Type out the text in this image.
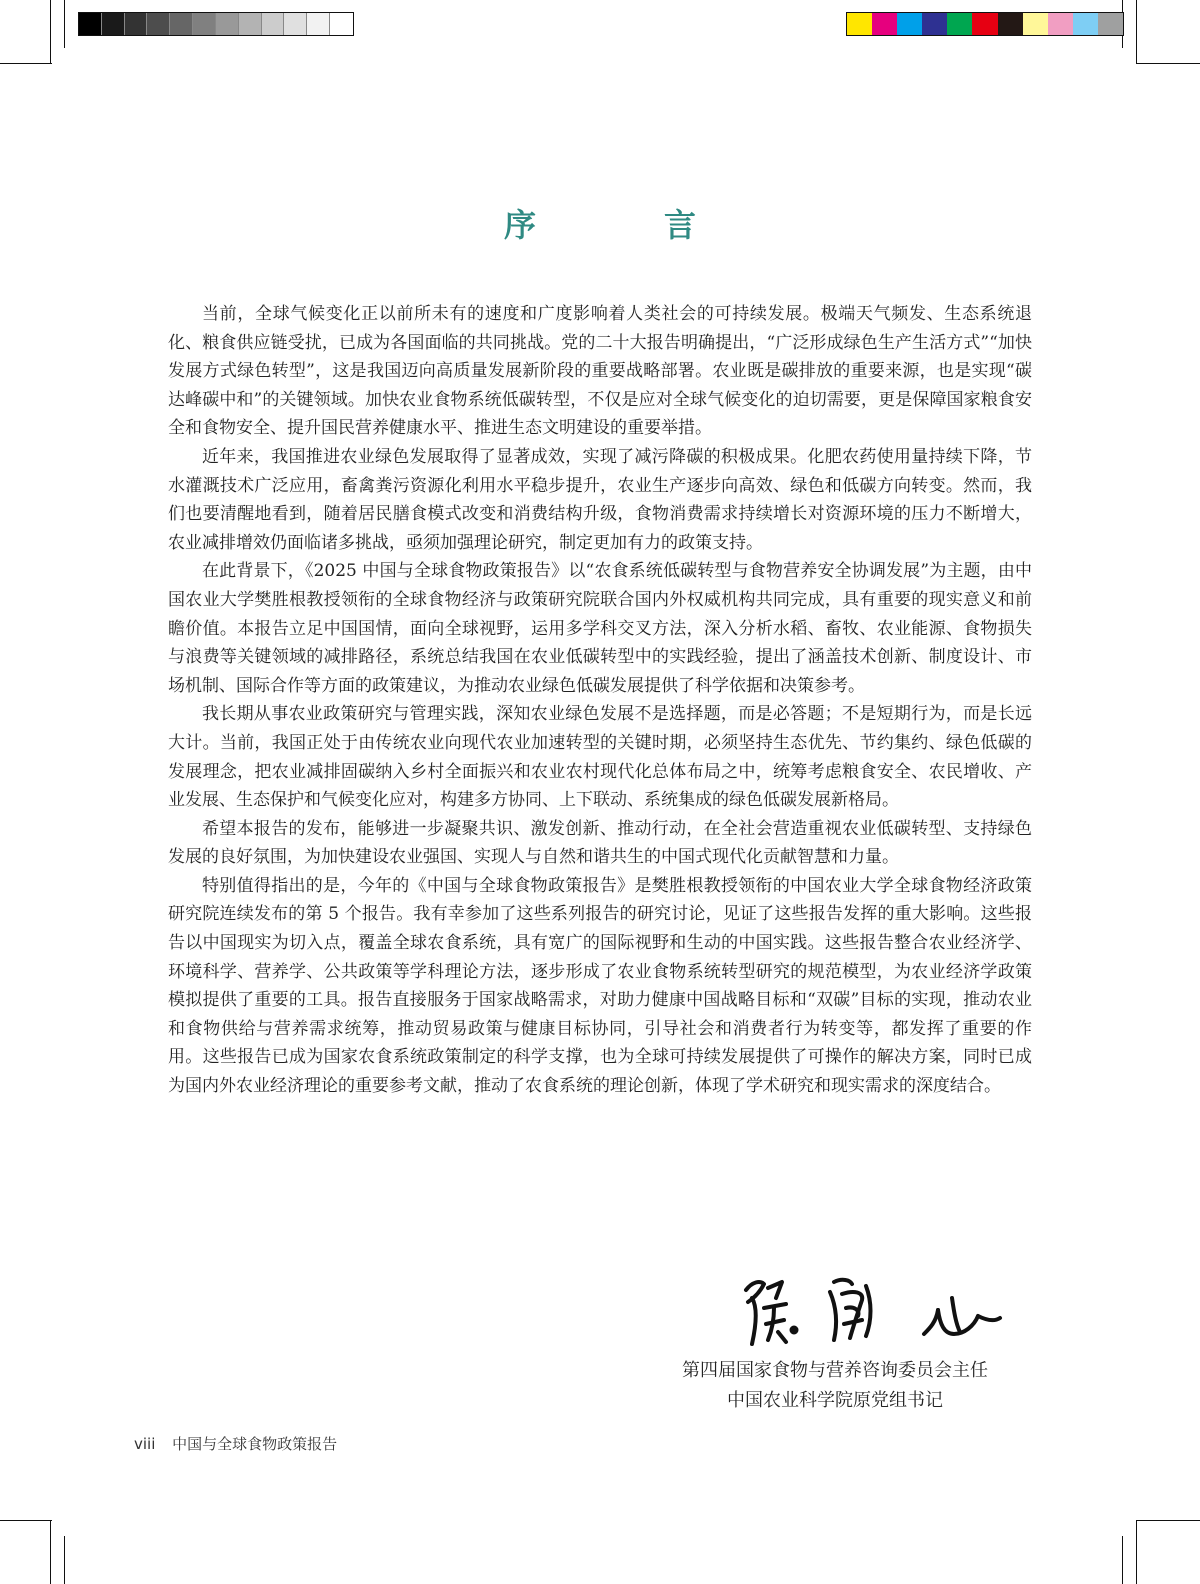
序　言

当前，全球气候变化正以前所未有的速度和广度影响着人类社会的可持续发展。极端天气频发、生态系统退化、粮食供应链受扰，已成为各国面临的共同挑战。党的二十大报告明确提出，“广泛形成绿色生产生活方式”“加快发展方式绿色转型”，这是我国迈向高质量发展新阶段的重要战略部署。农业既是碳排放的重要来源，也是实现“碳达峰碳中和”的关键领域。加快农业食物系统低碳转型，不仅是应对全球气候变化的迫切需要，更是保障国家粮食安全和食物安全、提升国民营养健康水平、推进生态文明建设的重要举措。

近年来，我国推进农业绿色发展取得了显著成效，实现了减污降碳的积极成果。化肥农药使用量持续下降，节水灌溉技术广泛应用，畜禽粪污资源化利用水平稳步提升，农业生产逐步向高效、绿色和低碳方向转变。然而，我们也要清醒地看到，随着居民膳食模式改变和消费结构升级，食物消费需求持续增长对资源环境的压力不断增大，农业减排增效仍面临诸多挑战，亟须加强理论研究，制定更加有力的政策支持。

在此背景下，《2025 中国与全球食物政策报告》以“农食系统低碳转型与食物营养安全协调发展”为主题，由中国农业大学樊胜根教授领衔的全球食物经济与政策研究院联合国内外权威机构共同完成，具有重要的现实意义和前瞻价值。本报告立足中国国情，面向全球视野，运用多学科交叉方法，深入分析水稻、畜牧、农业能源、食物损失与浪费等关键领域的减排路径，系统总结我国在农业低碳转型中的实践经验，提出了涵盖技术创新、制度设计、市场机制、国际合作等方面的政策建议，为推动农业绿色低碳发展提供了科学依据和决策参考。

我长期从事农业政策研究与管理实践，深知农业绿色发展不是选择题，而是必答题；不是短期行为，而是长远大计。当前，我国正处于由传统农业向现代农业加速转型的关键时期，必须坚持生态优先、节约集约、绿色低碳的发展理念，把农业减排固碳纳入乡村全面振兴和农业农村现代化总体布局之中，统筹考虑粮食安全、农民增收、产业发展、生态保护和气候变化应对，构建多方协同、上下联动、系统集成的绿色低碳发展新格局。

希望本报告的发布，能够进一步凝聚共识、激发创新、推动行动，在全社会营造重视农业低碳转型、支持绿色发展的良好氛围，为加快建设农业强国、实现人与自然和谐共生的中国式现代化贡献智慧和力量。

特别值得指出的是，今年的《中国与全球食物政策报告》是樊胜根教授领衔的中国农业大学全球食物经济政策研究院连续发布的第 5 个报告。我有幸参加了这些系列报告的研究讨论，见证了这些报告发挥的重大影响。这些报告以中国现实为切入点，覆盖全球农食系统，具有宽广的国际视野和生动的中国实践。这些报告整合农业经济学、环境科学、营养学、公共政策等学科理论方法，逐步形成了农业食物系统转型研究的规范模型，为农业经济学政策模拟提供了重要的工具。报告直接服务于国家战略需求，对助力健康中国战略目标和“双碳”目标的实现，推动农业和食物供给与营养需求统筹，推动贸易政策与健康目标协同，引导社会和消费者行为转变等，都发挥了重要的作用。这些报告已成为国家农食系统政策制定的科学支撑，也为全球可持续发展提供了可操作的解决方案，同时已成为国内外农业经济理论的重要参考文献，推动了农食系统的理论创新，体现了学术研究和现实需求的深度结合。

第四届国家食物与营养咨询委员会主任
中国农业科学院原党组书记
viii 中国与全球食物政策报告
